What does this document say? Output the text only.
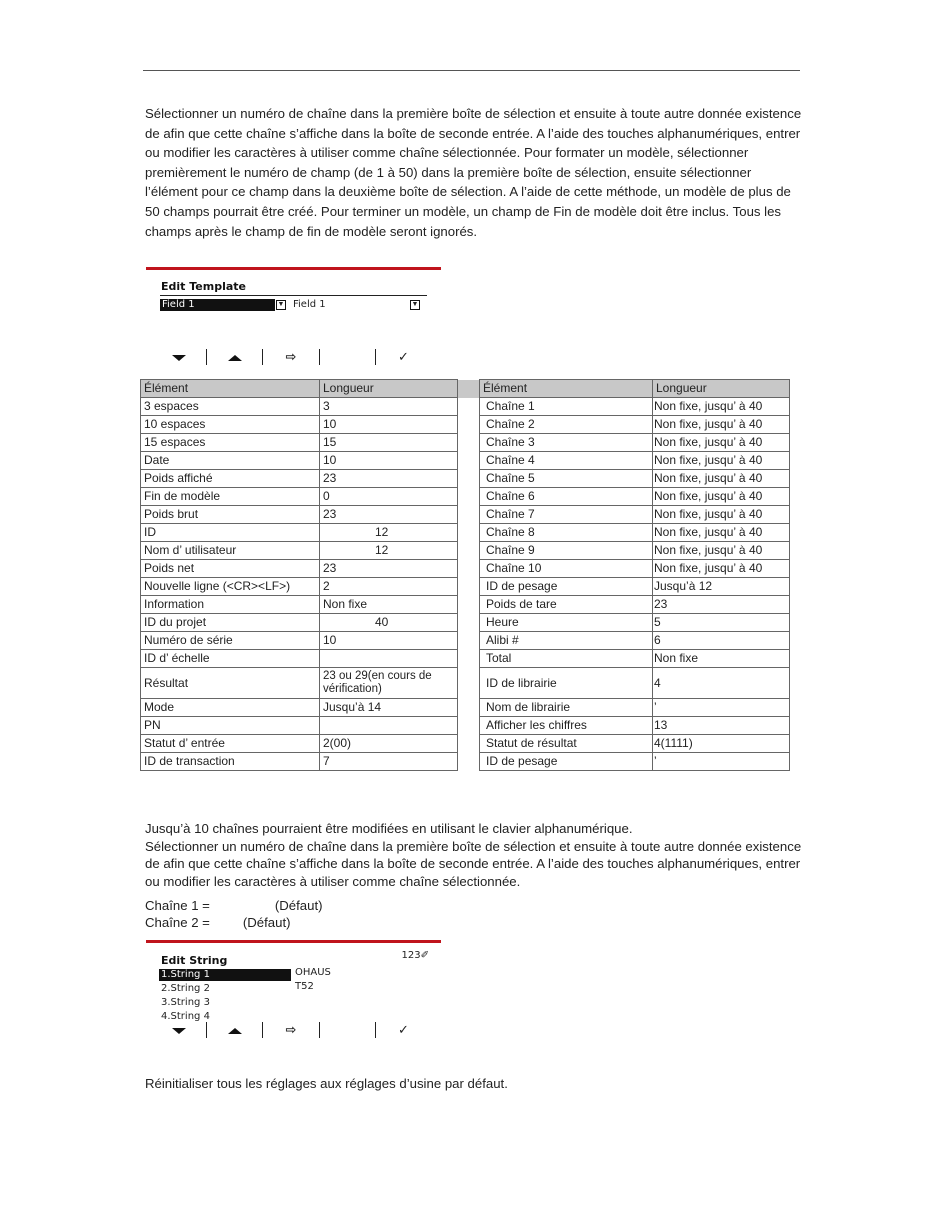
Sélectionner un numéro de chaîne dans la première boîte de sélection et ensuite à toute autre donnée existence de afin que cette chaîne s’affiche dans la boîte de seconde entrée. A l’aide des touches alphanumériques, entrer ou modifier les caractères à utiliser comme chaîne sélectionnée. Pour formater un modèle, sélectionner premièrement le numéro de champ (de 1 à 50) dans la première boîte de sélection, ensuite sélectionner l’élément pour ce champ dans la deuxième boîte de sélection. A l’aide de cette méthode, un modèle de plus de 50 champs pourrait être créé. Pour terminer un modèle, un champ de Fin de modèle doit être inclus. Tous les champs après le champ de fin de modèle seront ignorés.

Edit Template
Field 1	▼ Field 1	▼
⇨	✓
Élément	Longueur		Élément	Longueur
3 espaces	3		Chaîne 1	Non fixe, jusqu’ à 40
10 espaces	10		Chaîne 2	Non fixe, jusqu’ à 40
15 espaces	15		Chaîne 3	Non fixe, jusqu’ à 40
Date	10		Chaîne 4	Non fixe, jusqu’ à 40
Poids affiché	23		Chaîne 5	Non fixe, jusqu’ à 40
Fin de modèle	0		Chaîne 6	Non fixe, jusqu’ à 40
Poids brut	23		Chaîne 7	Non fixe, jusqu’ à 40
ID	12		Chaîne 8	Non fixe, jusqu’ à 40
Nom d’ utilisateur	12		Chaîne 9	Non fixe, jusqu’ à 40
Poids net	23		Chaîne 10	Non fixe, jusqu’ à 40
Nouvelle ligne (<CR><LF>)	2		ID de pesage	Jusqu’à 12
Information	Non fixe		Poids de tare	23
ID du projet	40		Heure	5
Numéro de série	10		Alibi #	6
ID d’ échelle			Total	Non fixe
Résultat	23 ou 29(en cours de vérification)		ID de librairie	4
Mode	Jusqu’à 14		Nom de librairie	’
PN			Afficher les chiffres	13
Statut d’ entrée	2(00)		Statut de résultat	4(1111)
ID de transaction	7		ID de pesage	’

Jusqu’à 10 chaînes pourraient être modifiées en utilisant le clavier alphanumérique.
Sélectionner un numéro de chaîne dans la première boîte de sélection et ensuite à toute autre donnée existence de afin que cette chaîne s’affiche dans la boîte de seconde entrée. A l’aide des touches alphanumériques, entrer ou modifier les caractères à utiliser comme chaîne sélectionnée.

Chaîne 1 =	(Défaut)
Chaîne 2 =	(Défaut)
Edit String	123✐
1.String 1
2.String 2
3.String 3
4.String 4
OHAUS
T52
⇨	✓

Réinitialiser tous les réglages aux réglages d’usine par défaut.
